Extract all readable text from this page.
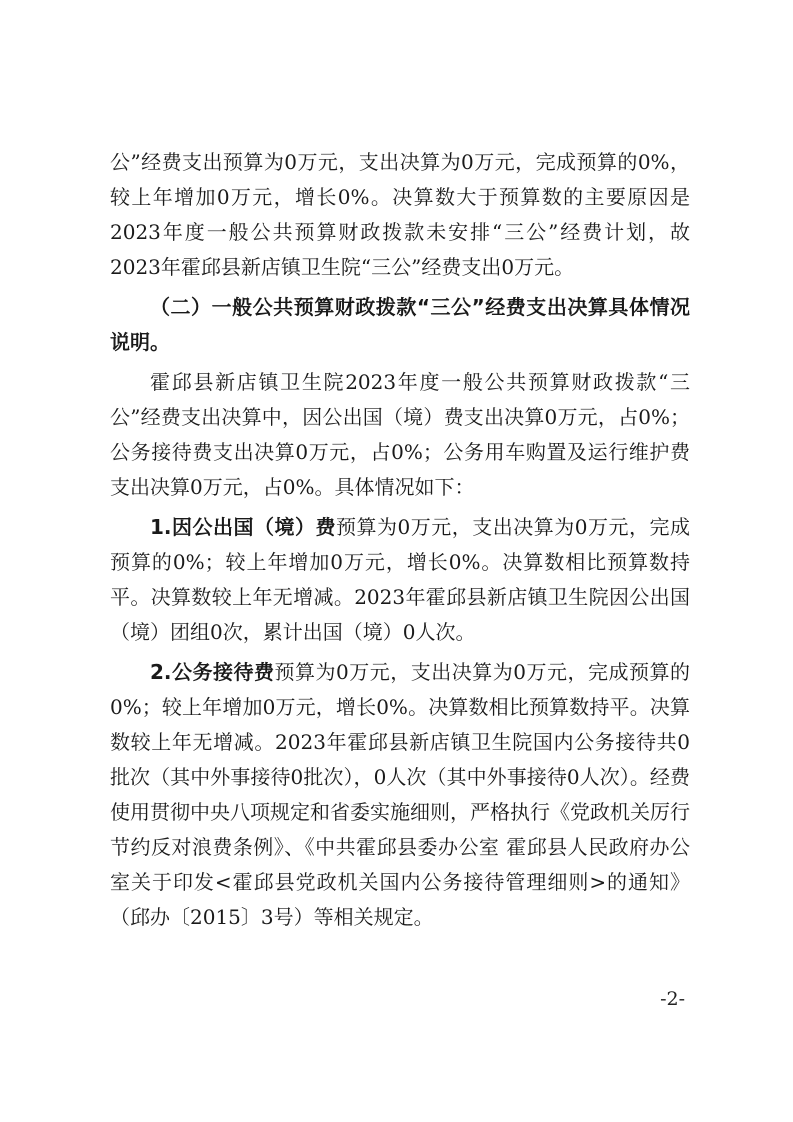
公”经费支出预算为0万元，支出决算为0万元，完成预算的0%，较上年增加0万元，增长0%。决算数大于预算数的主要原因是2023年度一般公共预算财政拨款未安排“三公”经费计划，故2023年霍邱县新店镇卫生院“三公”经费支出0万元。

（二）一般公共预算财政拨款“三公”经费支出决算具体情况说明。

霍邱县新店镇卫生院2023年度一般公共预算财政拨款“三公”经费支出决算中，因公出国（境）费支出决算0万元，占0%；公务接待费支出决算0万元，占0%；公务用车购置及运行维护费支出决算0万元，占0%。具体情况如下：

1.因公出国（境）费预算为0万元，支出决算为0万元，完成预算的0%；较上年增加0万元，增长0%。决算数相比预算数持平。决算数较上年无增减。2023年霍邱县新店镇卫生院因公出国（境）团组0次，累计出国（境）0人次。

2.公务接待费预算为0万元，支出决算为0万元，完成预算的0%；较上年增加0万元，增长0%。决算数相比预算数持平。决算数较上年无增减。2023年霍邱县新店镇卫生院国内公务接待共0批次（其中外事接待0批次），0人次（其中外事接待0人次）。经费使用贯彻中央八项规定和省委实施细则，严格执行《党政机关厉行节约反对浪费条例》、《中共霍邱县委办公室 霍邱县人民政府办公室关于印发<霍邱县党政机关国内公务接待管理细则>的通知》（邱办〔2015〕3号）等相关规定。

-2-
